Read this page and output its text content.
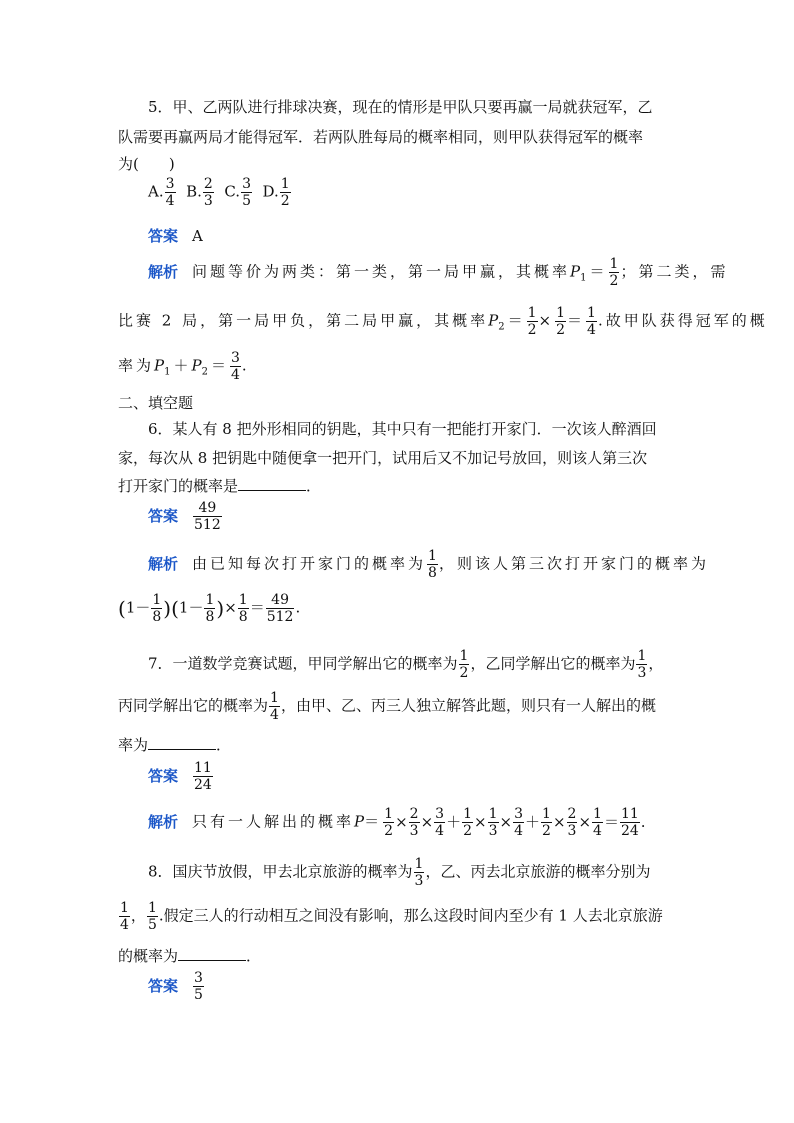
5．甲、乙两队进行排球决赛，现在的情形是甲队只要再赢一局就获冠军，乙
队需要再赢两局才能得冠军．若两队胜每局的概率相同，则甲队获得冠军的概率
为(　　)
A. $\frac{3}{4} B$. $\frac{2}{3} C$. $\frac{3}{5} D$. $\frac{1}{2}$
答案 A
解析 问题等价为两类：第一类，第一局甲赢，其概率$P_1= \frac{1}{2}$ ；第二类，需
比赛 2 局，第一局甲负，第二局甲赢，其概率$P_2= \frac{1}{2} \times \frac{1}{2} = \frac{1}{4}$ .故甲队获得冠军的概
率为$P_1+P_2= \frac{3}{4}$ .
二、填空题
6．某人有 8 把外形相同的钥匙，其中只有一把能打开家门．一次该人醉酒回
家，每次从 8 把钥匙中随便拿一把开门，试用后又不加记号放回，则该人第三次
打开家门的概率是	．
答案 $\frac{49}{512}$
解析 由已知每次打开家门的概率为 $\frac{1}{8}$ ，则该人第三次打开家门的概率为
$(1- \frac{1}{8} )(1- \frac{1}{8}$ )× $\frac{1}{8} = \frac{49}{512}$ .
7．一道数学竞赛试题，甲同学解出它的概率为 $\frac{1}{2}$ ，乙同学解出它的概率为 $\frac{1}{3}$ ，
丙同学解出它的概率为 $\frac{1}{4}$ ，由甲、乙、丙三人独立解答此题，则只有一人解出的概
率为	．
答案 $\frac{11}{24}$
解析 只有一人解出的概率$P= \frac{1}{2} \times \frac{2}{3} \times \frac{3}{4} + \frac{1}{2} \times \frac{1}{3} \times \frac{3}{4} + \frac{1}{2} \times \frac{2}{3} \times \frac{1}{4} = \frac{11}{24}$ .
8．国庆节放假，甲去北京旅游的概率为 $\frac{1}{3}$ ，乙、丙去北京旅游的概率分别为
$\frac{1}{4}$ ， $\frac{1}{5}$ .假定三人的行动相互之间没有影响，那么这段时间内至少有 1 人去北京旅游
的概率为	．
答案 $\frac{3}{5}$
